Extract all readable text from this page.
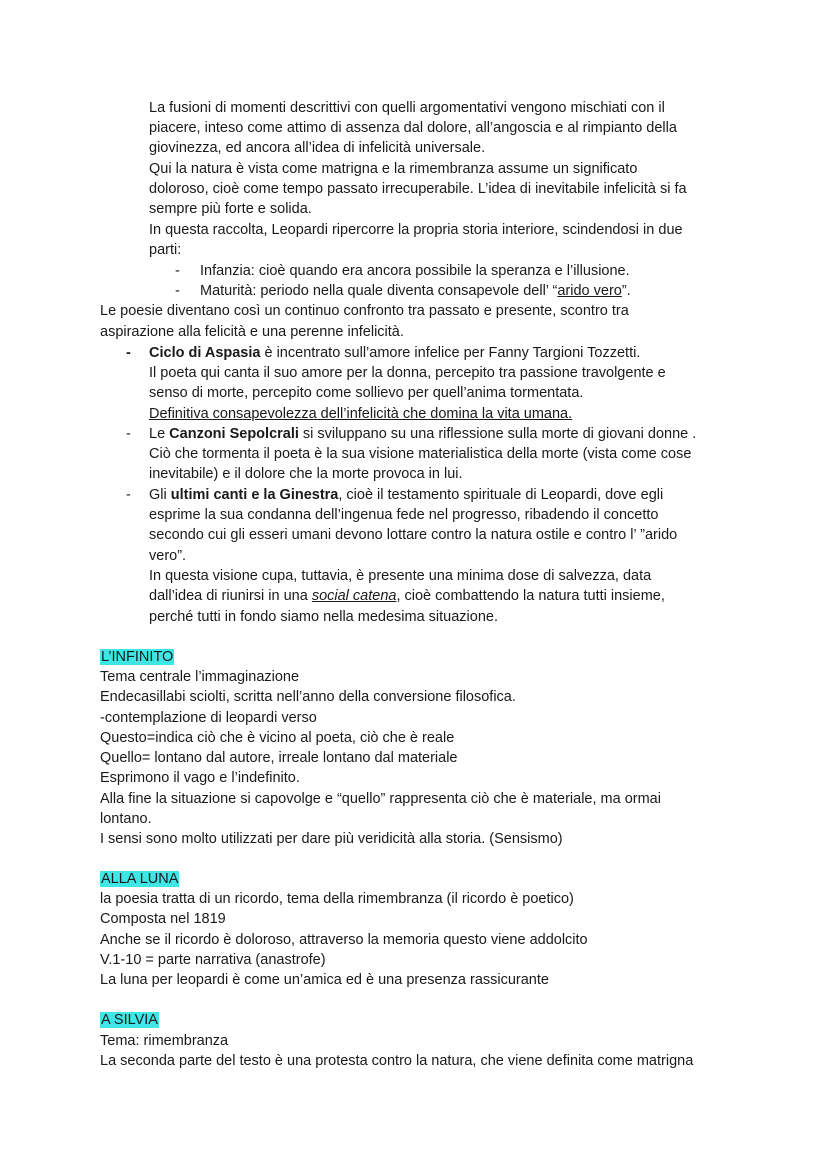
La fusioni di momenti descrittivi con quelli argomentativi vengono mischiati con il
piacere, inteso come attimo di assenza dal dolore, all’angoscia e al rimpianto della
giovinezza, ed ancora all’idea di infelicità universale.
Qui la natura è vista come matrigna e la rimembranza assume un significato
doloroso, cioè come tempo passato irrecuperabile. L’idea di inevitabile infelicità si fa
sempre più forte e solida.
In questa raccolta, Leopardi ripercorre la propria storia interiore, scindendosi in due
parti:
- Infanzia: cioè quando era ancora possibile la speranza e l’illusione.
- Maturità: periodo nella quale diventa consapevole dell’ “arido vero”.
Le poesie diventano così un continuo confronto tra passato e presente, scontro tra
aspirazione alla felicità e una perenne infelicità.
- Ciclo di Aspasia è incentrato sull’amore infelice per Fanny Targioni Tozzetti.
Il poeta qui canta il suo amore per la donna, percepito tra passione travolgente e
senso di morte, percepito come sollievo per quell’anima tormentata.
Definitiva consapevolezza dell’infelicità che domina la vita umana.
- Le Canzoni Sepolcrali si sviluppano su una riflessione sulla morte di giovani donne .
Ciò che tormenta il poeta è la sua visione materialistica della morte (vista come cose
inevitabile) e il dolore che la morte provoca in lui.
- Gli ultimi canti e la Ginestra, cioè il testamento spirituale di Leopardi, dove egli
esprime la sua condanna dell’ingenua fede nel progresso, ribadendo il concetto
secondo cui gli esseri umani devono lottare contro la natura ostile e contro l’ ”arido
vero”.
In questa visione cupa, tuttavia, è presente una minima dose di salvezza, data
dall’idea di riunirsi in una social catena, cioè combattendo la natura tutti insieme,
perché tutti in fondo siamo nella medesima situazione.
L’INFINITO
Tema centrale l’immaginazione
Endecasillabi sciolti, scritta nell’anno della conversione filosofica.
-contemplazione di leopardi verso
Questo=indica ciò che è vicino al poeta, ciò che è reale
Quello= lontano dal autore, irreale lontano dal materiale
Esprimono il vago e l’indefinito.
Alla fine la situazione si capovolge e “quello” rappresenta ciò che è materiale, ma ormai
lontano.
I sensi sono molto utilizzati per dare più veridicità alla storia. (Sensismo)
ALLA LUNA
la poesia tratta di un ricordo, tema della rimembranza (il ricordo è poetico)
Composta nel 1819
Anche se il ricordo è doloroso, attraverso la memoria questo viene addolcito
V.1-10 = parte narrativa (anastrofe)
La luna per leopardi è come un’amica ed è una presenza rassicurante
A SILVIA
Tema: rimembranza
La seconda parte del testo è una protesta contro la natura, che viene definita come matrigna
